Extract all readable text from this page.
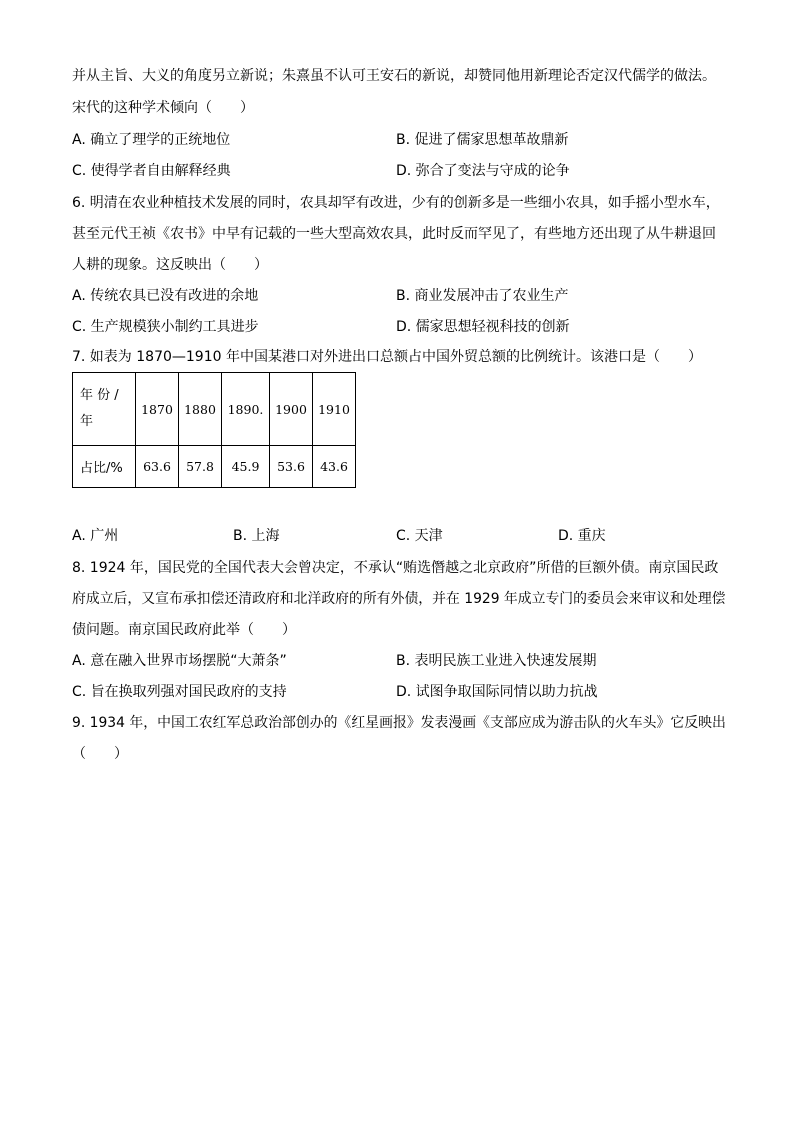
并从主旨、大义的角度另立新说；朱熹虽不认可王安石的新说，却赞同他用新理论否定汉代儒学的做法。
宋代的这种学术倾向（　　）
A. 确立了理学的正统地位	B. 促进了儒家思想革故鼎新
C. 使得学者自由解释经典	D. 弥合了变法与守成的论争
6. 明清在农业种植技术发展的同时，农具却罕有改进，少有的创新多是一些细小农具，如手摇小型水车，
甚至元代王祯《农书》中早有记载的一些大型高效农具，此时反而罕见了，有些地方还出现了从牛耕退回
人耕的现象。这反映出（　　）
A. 传统农具已没有改进的余地	B. 商业发展冲击了农业生产
C. 生产规模狭小制约工具进步	D. 儒家思想轻视科技的创新
7. 如表为 1870—1910 年中国某港口对外进出口总额占中国外贸总额的比例统计。该港口是（　　）
年 份 /
年	1870	1880	1890.	1900	1910
占比/%	63.6	57.8	45.9	53.6	43.6
A. 广州	B. 上海	C. 天津	D. 重庆
8. 1924 年，国民党的全国代表大会曾决定，不承认“贿选僭越之北京政府”所借的巨额外债。南京国民政
府成立后，又宣布承扣偿还清政府和北洋政府的所有外债，并在 1929 年成立专门的委员会来审议和处理偿
债问题。南京国民政府此举（　　）
A. 意在融入世界市场摆脱“大萧条”	B. 表明民族工业进入快速发展期
C. 旨在换取列强对国民政府的支持	D. 试图争取国际同情以助力抗战
9. 1934 年，中国工农红军总政治部创办的《红星画报》发表漫画《支部应成为游击队的火车头》它反映出
（　　）
